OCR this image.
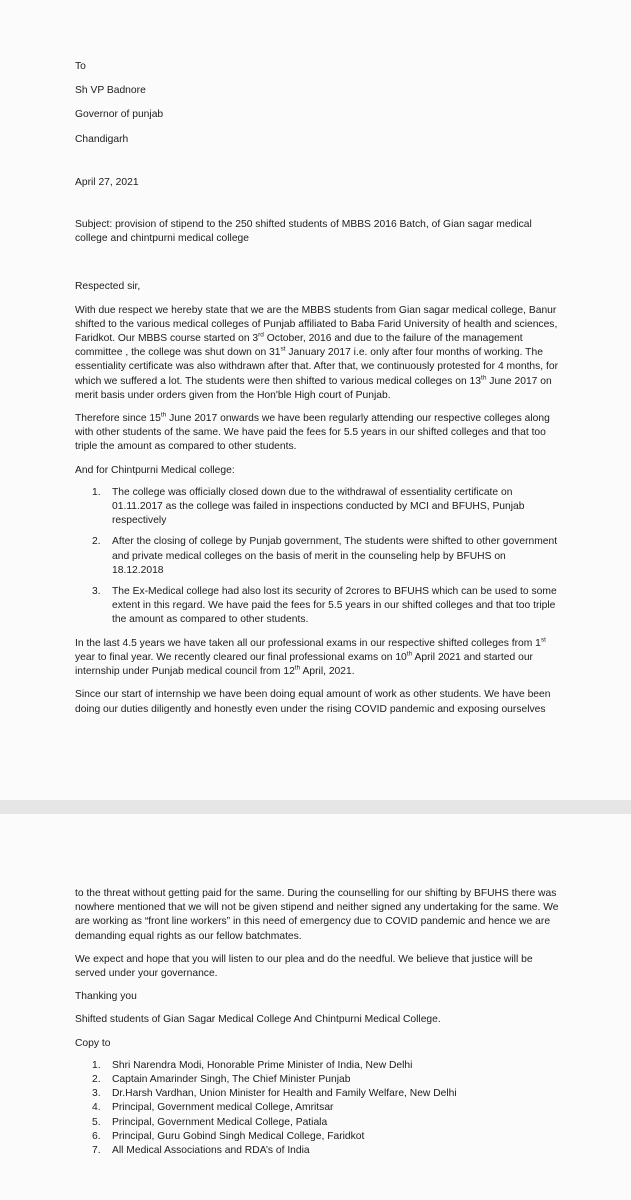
To

Sh VP Badnore

Governor of punjab

Chandigarh

April 27, 2021

Subject: provision of stipend to the 250 shifted students of MBBS 2016 Batch, of Gian sagar medical college and chintpurni medical college

Respected sir,

With due respect we hereby state that we are the MBBS students from Gian sagar medical college, Banur shifted to the various medical colleges of Punjab affiliated to Baba Farid University of health and sciences, Faridkot. Our MBBS course started on 3rd October, 2016 and due to the failure of the management committee , the college was shut down on 31st January 2017 i.e. only after four months of working. The essentiality certificate was also withdrawn after that. After that, we continuously protested for 4 months, for which we suffered a lot. The students were then shifted to various medical colleges on 13th June 2017 on merit basis under orders given from the Hon'ble High court of Punjab.

Therefore since 15th June 2017 onwards we have been regularly attending our respective colleges along with other students of the same. We have paid the fees for 5.5 years in our shifted colleges and that too triple the amount as compared to other students.

And for Chintpurni Medical college:

1. The college was officially closed down due to the withdrawal of essentiality certificate on 01.11.2017 as the college was failed in inspections conducted by MCI and BFUHS, Punjab respectively
2. After the closing of college by Punjab government, The students were shifted to other government and private medical colleges on the basis of merit in the counseling help by BFUHS on 18.12.2018
3. The Ex-Medical college had also lost its security of 2crores to BFUHS which can be used to some extent in this regard. We have paid the fees for 5.5 years in our shifted colleges and that too triple the amount as compared to other students.

In the last 4.5 years we have taken all our professional exams in our respective shifted colleges from 1st year to final year. We recently cleared our final professional exams on 10th April 2021 and started our internship under Punjab medical council from 12th April, 2021.

Since our start of internship we have been doing equal amount of work as other students. We have been doing our duties diligently and honestly even under the rising COVID pandemic and exposing ourselves

to the threat without getting paid for the same. During the counselling for our shifting by BFUHS there was nowhere mentioned that we will not be given stipend and neither signed any undertaking for the same. We are working as “front line workers” in this need of emergency due to COVID pandemic and hence we are demanding equal rights as our fellow batchmates.

We expect and hope that you will listen to our plea and do the needful. We believe that justice will be served under your governance.

Thanking you

Shifted students of Gian Sagar Medical College And Chintpurni Medical College.

Copy to

1. Shri Narendra Modi, Honorable Prime Minister of India, New Delhi
2. Captain Amarinder Singh, The Chief Minister Punjab
3. Dr.Harsh Vardhan, Union Minister for Health and Family Welfare, New Delhi
4. Principal, Government medical College, Amritsar
5. Principal, Government Medical College, Patiala
6. Principal, Guru Gobind Singh Medical College, Faridkot
7. All Medical Associations and RDA’s of India
